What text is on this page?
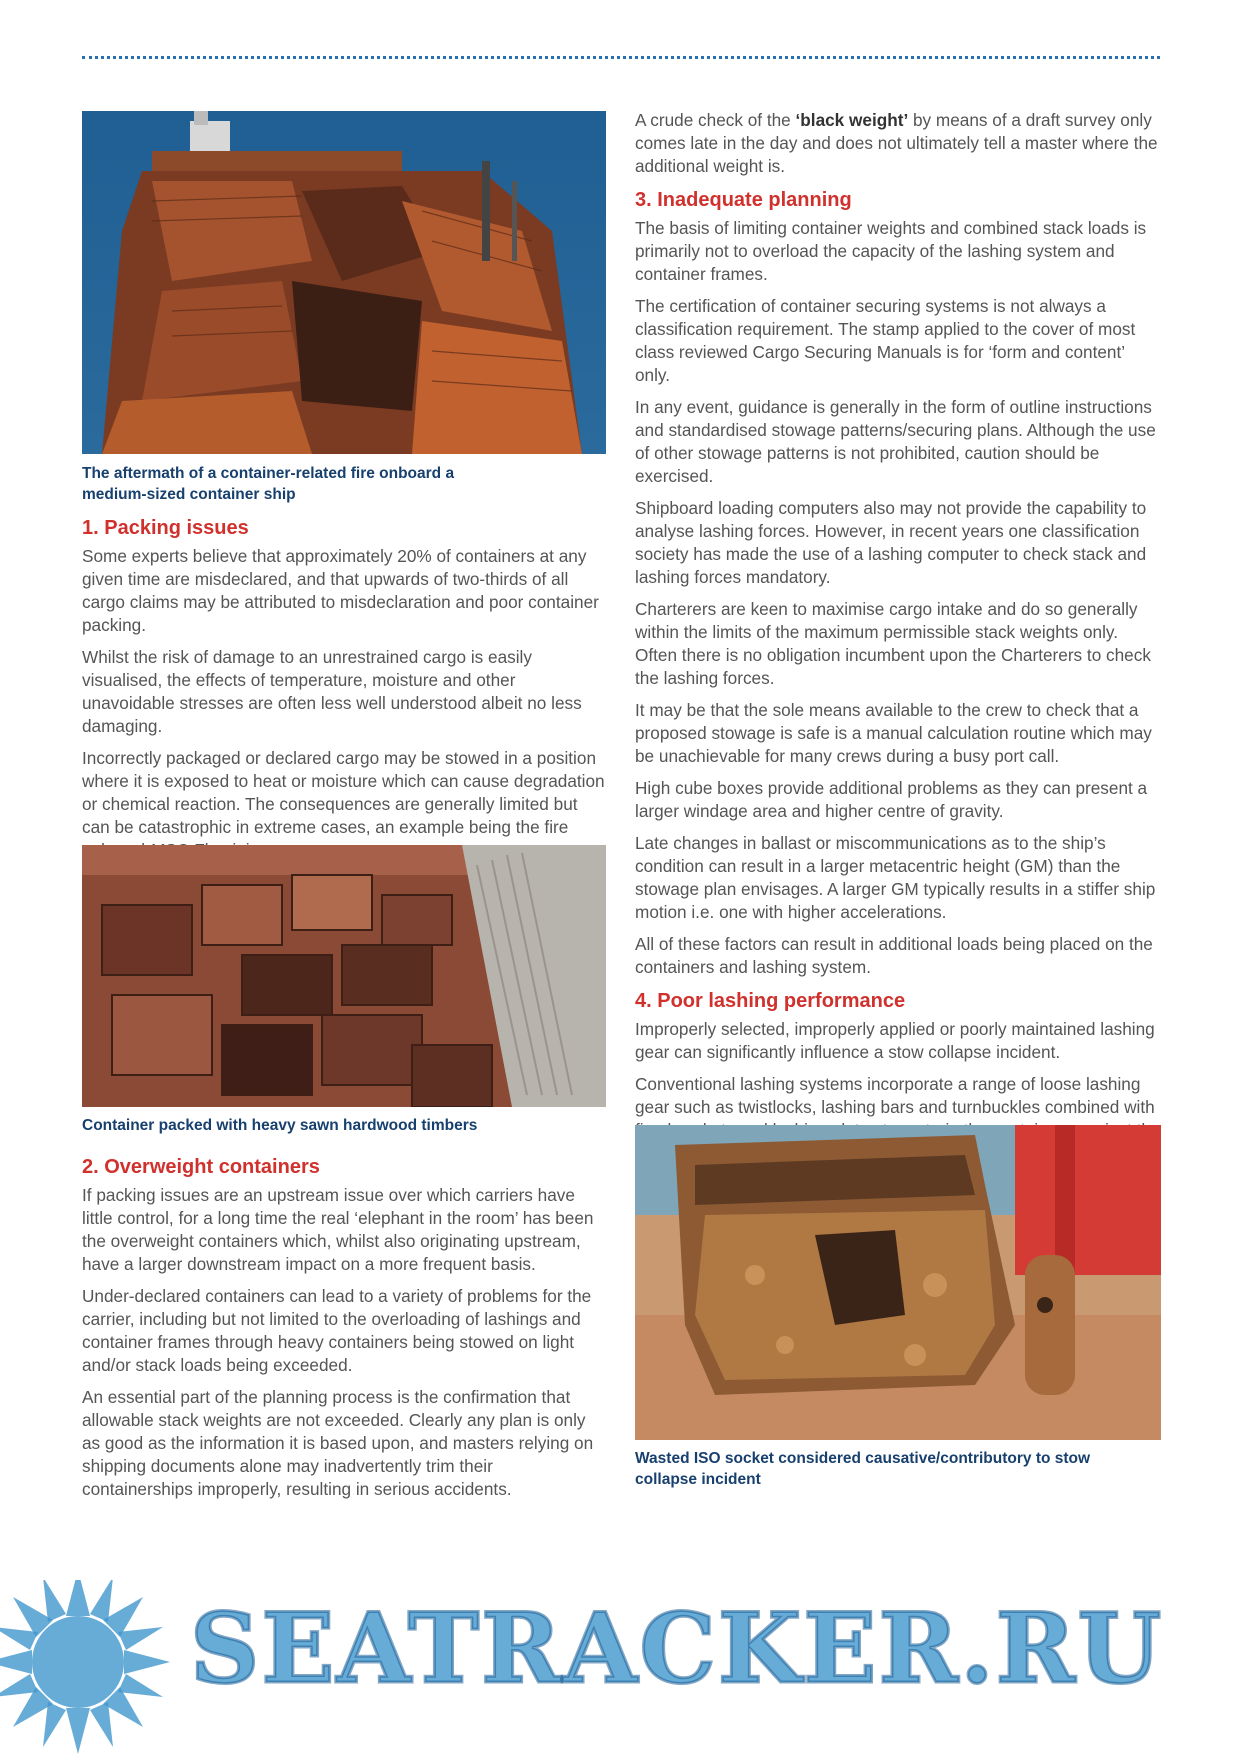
The aftermath of a container-related fire onboard a medium-sized container ship
1. Packing issues

Some experts believe that approximately 20% of containers at any given time are misdeclared, and that upwards of two-thirds of all cargo claims may be attributed to misdeclaration and poor container packing.

Whilst the risk of damage to an unrestrained cargo is easily visualised, the effects of temperature, moisture and other unavoidable stresses are often less well understood albeit no less damaging.

Incorrectly packaged or declared cargo may be stowed in a position where it is exposed to heat or moisture which can cause degradation or chemical reaction. The consequences are generally limited but can be catastrophic in extreme cases, an example being the fire

Container packed with heavy sawn hardwood timbers
2. Overweight containers

If packing issues are an upstream issue over which carriers have little control, for a long time the real ‘elephant in the room’ has been the overweight containers which, whilst also originating upstream, have a larger downstream impact on a more frequent basis.

Under-declared containers can lead to a variety of problems for the carrier, including but not limited to the overloading of lashings and container frames through heavy containers being stowed on light and/or stack loads being exceeded.

An essential part of the planning process is the confirmation that allowable stack weights are not exceeded. Clearly any plan is only as good as the information it is based upon, and masters relying on shipping documents alone may inadvertently trim their containerships improperly, resulting in serious accidents.

A crude check of the ‘black weight’ by means of a draft survey only comes late in the day and does not ultimately tell a master where the additional weight is.

3. Inadequate planning

The basis of limiting container weights and combined stack loads is primarily not to overload the capacity of the lashing system and container frames.

The certification of container securing systems is not always a classification requirement. The stamp applied to the cover of most class reviewed Cargo Securing Manuals is for ‘form and content’ only.

In any event, guidance is generally in the form of outline instructions and standardised stowage patterns/securing plans. Although the use of other stowage patterns is not prohibited, caution should be exercised.

Shipboard loading computers also may not provide the capability to analyse lashing forces. However, in recent years one classification society has made the use of a lashing computer to check stack and lashing forces mandatory.

Charterers are keen to maximise cargo intake and do so generally within the limits of the maximum permissible stack weights only. Often there is no obligation incumbent upon the Charterers to check the lashing forces.

It may be that the sole means available to the crew to check that a proposed stowage is safe is a manual calculation routine which may be unachievable for many crews during a busy port call.

High cube boxes provide additional problems as they can present a larger windage area and higher centre of gravity.

Late changes in ballast or miscommunications as to the ship’s condition can result in a larger metacentric height (GM) than the stowage plan envisages. A larger GM typically results in a stiffer ship motion i.e. one with higher accelerations.

All of these factors can result in additional loads being placed on the containers and lashing system.

4. Poor lashing performance

Improperly selected, improperly applied or poorly maintained lashing gear can significantly influence a stow collapse incident.

Conventional lashing systems incorporate a range of loose lashing gear such as twistlocks, lashing bars and turnbuckles combined with

Wasted ISO socket considered causative/contributory to stow collapse incident
SEATRACKER.RU
